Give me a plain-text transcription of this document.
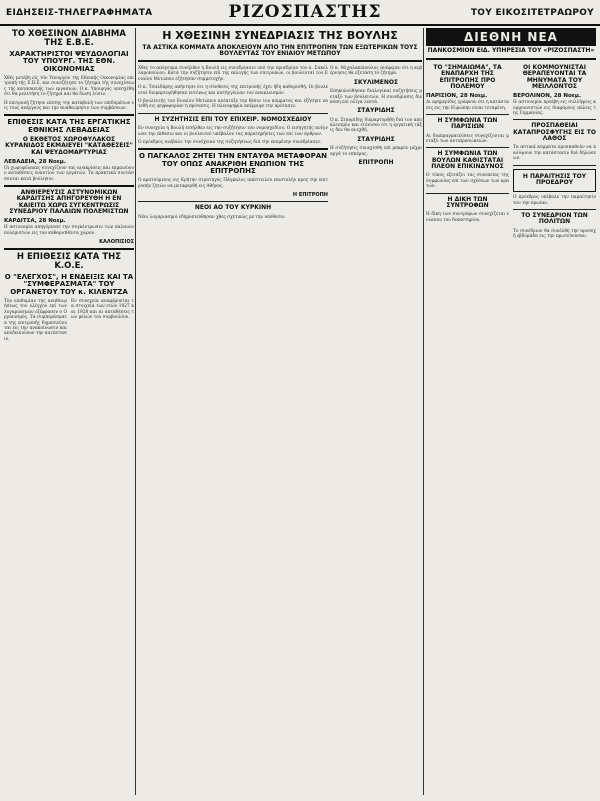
ΕΙΔΗΣΕΙΣ-ΤΗΛΕΓΡΑΦΗΜΑΤΑ	ΡΙΖΟΣΠΑΣΤΗΣ	ΤΟΥ ΕΙΚΟΣΙΤΕΤΡΑΩΡΟΥ
ΤΟ ΧΘΕΣΙΝΟΝ ΔΙΑΒΗΜΑ ΤΗΣ Ε.Β.Ε.
ΧΑΡΑΚΤΗΡΙΣΤΟΙ ΨΕΥΔΟΛΟΓΙΑΙ ΤΟΥ ΥΠΟΥΡΓ. ΤΗΣ ΕΘΝ. ΟΙΚΟΝΟΜΙΑΣ

Χθές μετέβη είς τόν Υπουργόν τής Εθνικής Οικονομίας επιτροπή τής Ε.Β.Ε. και συνεζήτησε το ζήτημα τής συνεχίσεως τής κατασκευής των εργασιών. Ο κ. Υπουργός υπεσχέθη ότι θα μελετήση το ζήτημα και θα δώση λύσιν.

Η επιτροπή ζήτησε επίσης την καταβολή των επιδομάτων εις τους ανέργους και την αναθεώρησιν των συμβάσεων.

ΕΠΙΘΕΣΙΣ ΚΑΤΑ ΤΗΣ ΕΡΓΑΤΙΚΗΣ ΕΘΝΙΚΗΣ ΛΕΒΑΔΕΙΑΣ
Ο ΕΚΘΕΤΟΣ ΧΩΡΟΦΥΛΑΚΟΣ ΚΥΡΑΝΙΔΟΣ ΕΚΜΑΙΕΥΕΙ "ΚΑΤΑΘΕΣΕΙΣ" ΚΑΙ ΨΕΥΔΟΜΑΡΤΥΡΙΑΣ
ΛΕΒΑΔΕΙΑ, 28 Νοεμ.

Οι χωροφύλακες συνεχίζουν τας ανακρίσεις και εκμαιεύουν καταθέσεις εναντίον των εργατών. Τα πρακτικά συντάσσονται κατά βούλησιν.

ΑΝΘΙΕΡΕΥΣΙΣ ΑΣΤΥΝΟΜΙΚΩΝ ΚΑΡΔΙΤΣΗΣ ΑΠΗΓΟΡΕΥΘΗ Η ΕΝ ΚΑΙΕΙΤΩ ΧΩΡΩ ΣΥΓΚΕΝΤΡΩΣΙΣ ΣΥΝΕΔΡΙΟΥ ΠΑΛΑΙΩΝ ΠΟΛΕΜΙΣΤΩΝ
ΚΑΡΔΙΤΣΑ, 28 Νοεμ.

Η αστυνομία απηγόρευσε την συγκέντρωσιν των παλαιών πολεμιστών εις τον καθορισθέντα χώρον.

ΚΑΛΟΠΙΣΙΟΣ
Η ΕΠΙΘΕΣΙΣ ΚΑΤΑ ΤΗΣ Κ.Ο.Ε.
Ο "ΕΛΕΓΧΟΣ", Η ΕΝΔΕΙΞΙΣ ΚΑΙ ΤΑ "ΣΥΜΦΕΡΑΣΜΑΤΑ" ΤΟΥ ΟΡΓΑΝΕΤΟΥ ΤΟΥ κ. ΚΙΛΕΝΤΖΑ

Την επιθυμίαν της αναθεωρήσεως του ελέγχου επί των λογαριασμών εξέφρασεν ο Οργανισμός. Τα συμπεράσματα της επιτροπής δημοσιεύονται εις την ανακοίνωσιν και αποδεικνύουν την κατάστασιν.

Εν συνεχεία αναφέρονται τα στοιχεία των ετών 1927 και 1928 και αι καταθέσεις των μελών του συμβουλίου.

Η ΧΘΕΣΙΝΗ ΣΥΝΕΔΡΙΑΣΙΣ ΤΗΣ ΒΟΥΛΗΣ
ΤΑ ΑΣΤΙΚΑ ΚΟΜΜΑΤΑ ΑΠΟΚΛΕΙΟΥΝ ΑΠΟ ΤΗΝ ΕΠΙΤΡΟΠΗΝ ΤΩΝ ΕΞΩΤΕΡΙΚΩΝ ΤΟΥΣ ΒΟΥΛΕΥΤΑΣ ΤΟΥ ΕΝΙΑΙΟΥ ΜΕΤΩΠΟΥ

Χθες το απόγευμα συνήλθεν η Βουλή εις συνεδρίασιν υπό την προεδρίαν του κ. Σακελλαροπούλου. Κατά την συζήτησιν επί της εκλογής των επιτροπών, οι βουλευταί του Ενιαίου Μετώπου εζήτησαν συμμετοχήν.

Ο κ. Τσαλδάρης απήντησε ότι η σύνθεσις της επιτροπής έχει ήδη καθορισθή. Οι βουλευταί διεμαρτυρήθησαν εντόνως και κατήγγειλαν τον αποκλεισμόν.

Ο βουλευτής του Ενιαίου Μετώπου ανέπτυξε την θέσιν του κόμματος και εζήτησε να τεθή εις ψηφοφορίαν η πρότασις. Η πλειοψηφία απέρριψε την πρότασιν.

Η ΣΥΖΗΤΗΣΙΣ ΕΠΙ ΤΟΥ ΕΠΙΧΕΙΡ. ΝΟΜΟΣΧΕΔΙΟΥ

Εν συνεχεία η Βουλή εισήλθεν εις την συζήτησιν του νομοσχεδίου. Ο εισηγητής ανέγνωσε την έκθεσιν και οι βουλευταί υπέβαλον τας παρατηρήσεις των επί των άρθρων.

Ο πρόεδρος ανέβαλε την συνέχειαν της συζητήσεως διά την επομένην συνεδρίασιν.

Ο ΠΑΓΚΑΛΟΣ ΖΗΤΕΙ ΤΗΝ ΕΝΤΑΥΘΑ ΜΕΤΑΦΟΡΑΝ ΤΟΥ ΟΠΩΣ ΑΝΑΚΡΙΘΗ ΕΝΩΠΙΟΝ ΤΗΣ ΕΠΙΤΡΟΠΗΣ

Ο κρατούμενος εις Κρήτην στρατηγός Πάγκαλος απέστειλεν επιστολήν προς την επιτροπήν ζητών να μεταφερθή εις Αθήνας.

Η ΕΠΙΤΡΟΠΗ
ΝΕΟΙ ΑΟ ΤΟΥ ΚΥΡΚΙΝΗ

Νέοι λογαριασμοί εδημοσιεύθησαν χθες σχετικώς με την υπόθεσιν.

Ο κ. Μιχαλακόπουλος ανέφερεν ότι η κυβέρνησις θα εξετάση το ζήτημα.

ΣΚΥΛΙΜΕΝΟΣ

Επηκολούθησαν διαλογικαί συζητήσεις μεταξύ των βουλευτών. Η συνεδρίασις διεκόπη επί ολίγα λεπτά.

ΣΤΑΥΡΙΔΗΣ

Ο κ. Σταυρίδης διεμαρτυρήθη διά τον αποκλεισμόν και ετόνισεν ότι η εργατική τάξις δεν θα ανεχθή.

ΣΤΑΥΡΙΔΗΣ

Η συζήτησις συνεχίσθη επί μακρόν μέχρι αργά το εσπέρας.

ΕΠΙΤΡΟΠΗ
ΔΙΕΘΝΗ ΝΕΑ
ΠΑΝΚΟΣΜΙΟΝ ΕΙΔ. ΥΠΗΡΕΣΙΑ ΤΟΥ «ΡΙΖΟΣΠΑΣΤΗ»
ΤΟ "ΣΗΜΑΙΩΜΑ", ΤΑ ΕΝΑΠΑΡΧΗ ΤΗΣ ΕΠΙΤΡΟΠΗΣ ΠΡΟ ΠΟΛΕΜΟΥ
ΠΑΡΙΣΙΟΝ, 28 Νοεμ.

Αι εφημερίδες γράφουν ότι η κατάστασις εις την Ευρώπην είναι τεταμένη.

Η ΣΥΜΦΩΝΙΑ ΤΩΝ ΠΑΡΙΣΙΩΝ

Αι διαπραγματεύσεις συνεχίζονται μεταξύ των αντιπροσωπειών.

Η ΣΥΜΦΩΝΙΑ ΤΩΝ ΒΟΥΛΩΝ ΚΑΘΙΣΤΑΤΑΙ ΠΛΕΟΝ ΕΠΙΚΙΝΔΥΝΟΣ

Ο τύπος εξετάζει τας συνεπείας της συμφωνίας επί των σχέσεων των κρατών.

Η ΔΙΚΗ ΤΩΝ ΣΥΝΤΡΟΦΩΝ

Η δίκη των συντρόφων συνεχίζεται ενώπιον του δικαστηρίου.

ΟΙ ΚΟΜΜΟΥΝΙΣΤΑΙ ΘΕΡΑΠΕΥΟΝΤΑΙ ΤΑ ΜΗΝΥΜΑΤΑ ΤΟΥ ΜΕΙΛΛΟΝΤΟΣ
ΒΕΡΟΛΙΝΟΝ, 28 Νοεμ.

Η αστυνομία προέβη εις συλλήψεις κομμουνιστών εις διαφόρους πόλεις της Γερμανίας.

ΠΡΟΣΠΑΘΕΙΑΙ ΚΑΤΑΠΡΟΣΦΥΓΗΣ ΕΙΣ ΤΟ ΛΑΘΟΣ

Τα αστικά κόμματα προσπαθούν να καλύψουν την κατάστασιν διά δηλώσεων.

Η ΠΑΡΑΙΤΗΣΙΣ ΤΟΥ ΠΡΟΕΔΡΟΥ

Ο πρόεδρος υπέβαλε την παραίτησίν του την πρωίαν.

ΤΟ ΣΥΝΕΔΡΙΟΝ ΤΩΝ ΠΟΛΙΤΩΝ

Το συνέδριον θα συνέλθη την προσεχή εβδομάδα εις την πρωτεύουσαν.
